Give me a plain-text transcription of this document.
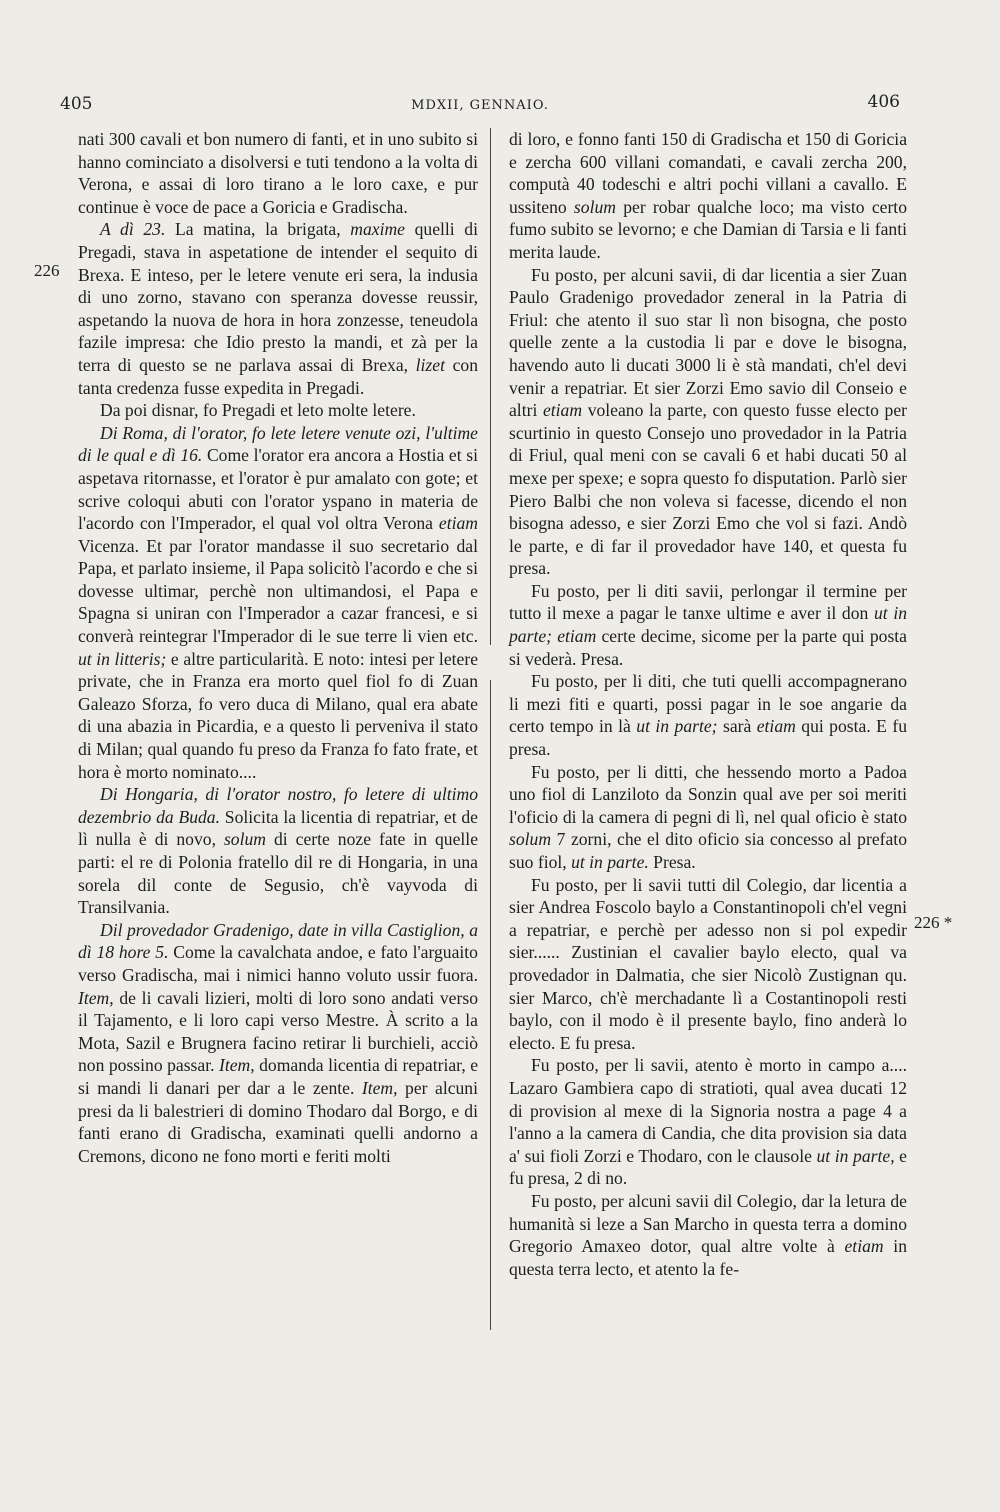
405	MDXII, GENNAIO.	406
226
226 *

nati 300 cavali et bon numero di fanti, et in uno subito si hanno cominciato a disolversi e tuti tendono a la volta di Verona, e assai di loro tirano a le loro caxe, e pur continue è voce de pace a Goricia e Gradischa.

A dì 23. La matina, la brigata, maxime quelli di Pregadi, stava in aspetatione de intender el sequito di Brexa. E inteso, per le letere venute eri sera, la indusia di uno zorno, stavano con speranza dovesse reussir, aspetando la nuova de hora in hora zonzesse, teneudola fazile impresa: che Idio presto la mandi, et zà per la terra di questo se ne parlava assai di Brexa, lizet con tanta credenza fusse expedita in Pregadi.

Da poi disnar, fo Pregadi et leto molte letere.

Di Roma, di l'orator, fo lete letere venute ozi, l'ultime di le qual e dì 16. Come l'orator era ancora a Hostia et si aspetava ritornasse, et l'orator è pur amalato con gote; et scrive coloqui abuti con l'orator yspano in materia de l'acordo con l'Imperador, el qual vol oltra Verona etiam Vicenza. Et par l'orator mandasse il suo secretario dal Papa, et parlato insieme, il Papa solicitò l'acordo e che si dovesse ultimar, perchè non ultimandosi, el Papa e Spagna si uniran con l'Imperador a cazar francesi, e si converà reintegrar l'Imperador di le sue terre li vien etc. ut in litteris; e altre particularità. E noto: intesi per letere private, che in Franza era morto quel fiol fo di Zuan Galeazo Sforza, fo vero duca di Milano, qual era abate di una abazia in Picardia, e a questo li perveniva il stato di Milan; qual quando fu preso da Franza fo fato frate, et hora è morto nominato....

Di Hongaria, di l'orator nostro, fo letere di ultimo dezembrio da Buda. Solicita la licentia di repatriar, et de lì nulla è di novo, solum di certe noze fate in quelle parti: el re di Polonia fratello dil re di Hongaria, in una sorela dil conte de Segusio, ch'è vayvoda di Transilvania.

Dil provedador Gradenigo, date in villa Castiglion, a dì 18 hore 5. Come la cavalchata andoe, e fato l'arguaito verso Gradischa, mai i nimici hanno voluto ussir fuora. Item, de li cavali lizieri, molti di loro sono andati verso il Tajamento, e li loro capi verso Mestre. À scrito a la Mota, Sazil e Brugnera facino retirar li burchieli, acciò non possino passar. Item, domanda licentia di repatriar, e si mandi li danari per dar a le zente. Item, per alcuni presi da li balestrieri di domino Thodaro dal Borgo, e di fanti erano di Gradischa, examinati quelli andorno a Cremons, dicono ne fono morti e feriti molti

di loro, e fonno fanti 150 di Gradischa et 150 di Goricia e zercha 600 villani comandati, e cavali zercha 200, computà 40 todeschi e altri pochi villani a cavallo. E ussiteno solum per robar qualche loco; ma visto certo fumo subito se levorno; e che Damian di Tarsia e li fanti merita laude.

Fu posto, per alcuni savii, di dar licentia a sier Zuan Paulo Gradenigo provedador zeneral in la Patria di Friul: che atento il suo star lì non bisogna, che posto quelle zente a la custodia li par e dove le bisogna, havendo auto li ducati 3000 li è stà mandati, ch'el devi venir a repatriar. Et sier Zorzi Emo savio dil Conseio e altri etiam voleano la parte, con questo fusse electo per scurtinio in questo Consejo uno provedador in la Patria di Friul, qual meni con se cavali 6 et habi ducati 50 al mexe per spexe; e sopra questo fo disputation. Parlò sier Piero Balbi che non voleva si facesse, dicendo el non bisogna adesso, e sier Zorzi Emo che vol si fazi. Andò le parte, e di far il provedador have 140, et questa fu presa.

Fu posto, per li diti savii, perlongar il termine per tutto il mexe a pagar le tanxe ultime e aver il don ut in parte; etiam certe decime, sicome per la parte qui posta si vederà. Presa.

Fu posto, per li diti, che tuti quelli accompagnerano li mezi fiti e quarti, possi pagar in le soe angarie da certo tempo in là ut in parte; sarà etiam qui posta. E fu presa.

Fu posto, per li ditti, che hessendo morto a Padoa uno fiol di Lanziloto da Sonzin qual ave per soi meriti l'oficio di la camera di pegni di lì, nel qual oficio è stato solum 7 zorni, che el dito oficio sia concesso al prefato suo fiol, ut in parte. Presa.

Fu posto, per li savii tutti dil Colegio, dar licentia a sier Andrea Foscolo baylo a Constantinopoli ch'el vegni a repatriar, e perchè per adesso non si pol expedir sier...... Zustinian el cavalier baylo electo, qual va provedador in Dalmatia, che sier Nicolò Zustignan qu. sier Marco, ch'è merchadante lì a Costantinopoli resti baylo, con il modo è il presente baylo, fino anderà lo electo. E fu presa.

Fu posto, per li savii, atento è morto in campo a.... Lazaro Gambiera capo di stratioti, qual avea ducati 12 di provision al mexe di la Signoria nostra a page 4 a l'anno a la camera di Candia, che dita provision sia data a' sui fioli Zorzi e Thodaro, con le clausole ut in parte, e fu presa, 2 di no.

Fu posto, per alcuni savii dil Colegio, dar la letura de humanità si leze a San Marcho in questa terra a domino Gregorio Amaxeo dotor, qual altre volte à etiam in questa terra lecto, et atento la fe-
